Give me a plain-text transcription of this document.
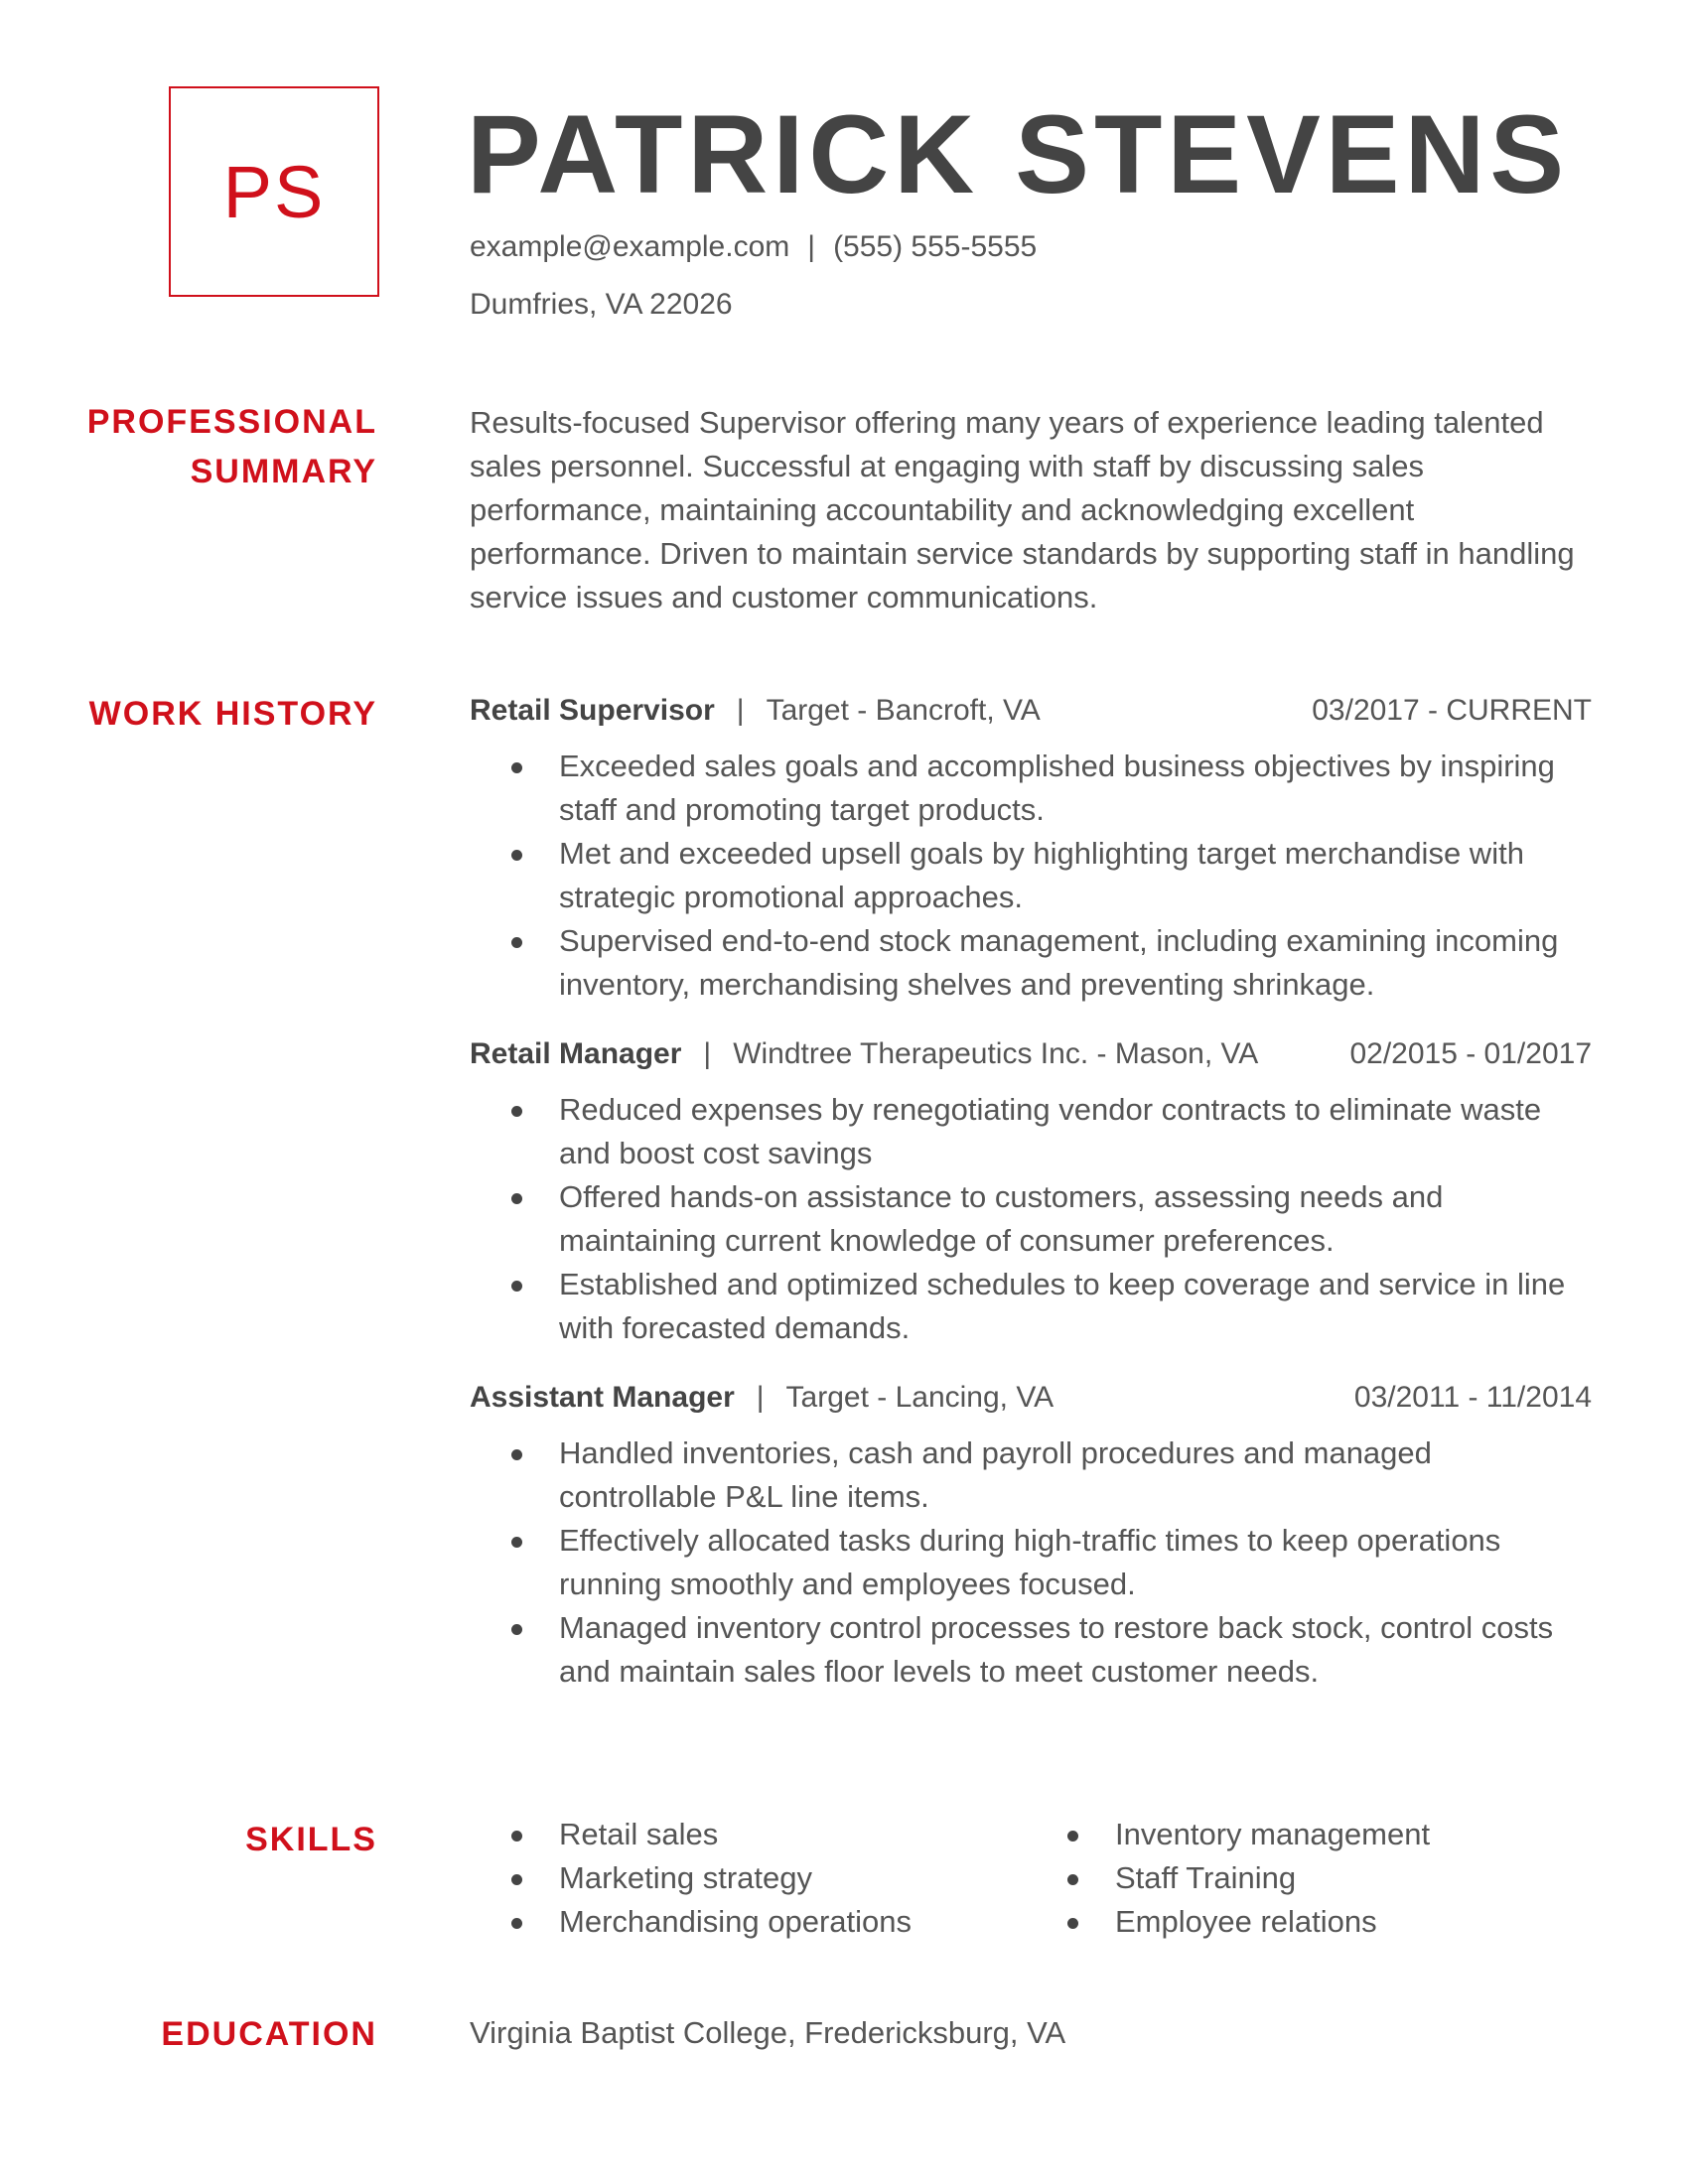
PS PATRICK STEVENS
example@example.com | (555) 555-5555
Dumfries, VA 22026
PROFESSIONAL
SUMMARY
Results-focused Supervisor offering many years of experience leading talented sales personnel. Successful at engaging with staff by discussing sales performance, maintaining accountability and acknowledging excellent performance. Driven to maintain service standards by supporting staff in handling service issues and customer communications.
WORK HISTORY	Retail Supervisor | Target - Bancroft, VA	03/2017 - CURRENT
Exceeded sales goals and accomplished business objectives by inspiring staff and promoting target products.
Met and exceeded upsell goals by highlighting target merchandise with strategic promotional approaches.
Supervised end-to-end stock management, including examining incoming inventory, merchandising shelves and preventing shrinkage.
Retail Manager | Windtree Therapeutics Inc. - Mason, VA	02/2015 - 01/2017
Reduced expenses by renegotiating vendor contracts to eliminate waste and boost cost savings
Offered hands-on assistance to customers, assessing needs and maintaining current knowledge of consumer preferences.
Established and optimized schedules to keep coverage and service in line with forecasted demands.
Assistant Manager | Target - Lancing, VA	03/2011 - 11/2014
Handled inventories, cash and payroll procedures and managed controllable P&L line items.
Effectively allocated tasks during high-traffic times to keep operations running smoothly and employees focused.
Managed inventory control processes to restore back stock, control costs and maintain sales floor levels to meet customer needs.
SKILLS	Retail sales
Marketing strategy
Merchandising operations
Inventory management
Staff Training
Employee relations
EDUCATION	Virginia Baptist College, Fredericksburg, VA
